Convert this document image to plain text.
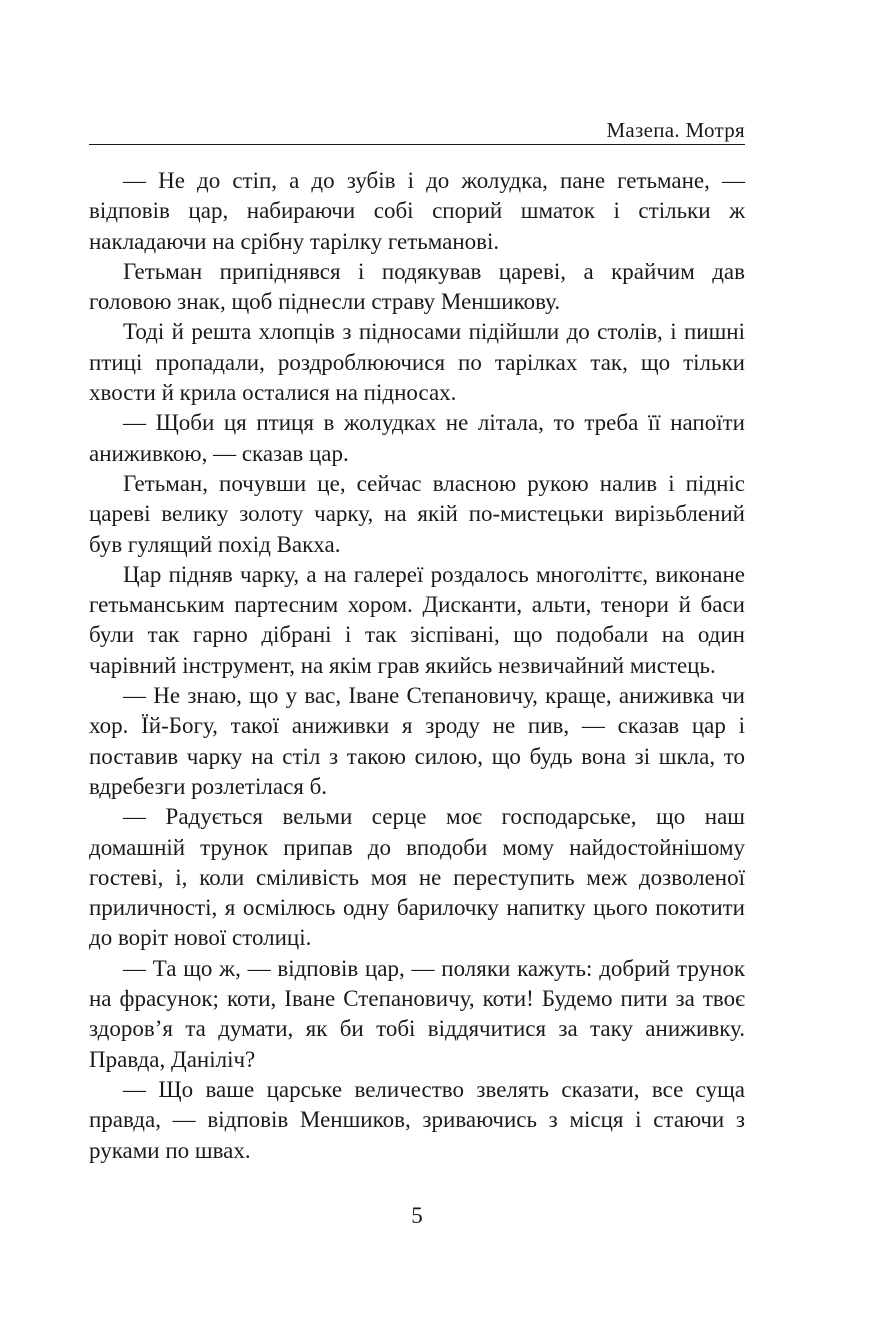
Мазепа. Мотря

— Не до стіп, а до зубів і до жолудка, пане гетьмане, — відповів цар, набираючи собі спорий шматок і стільки ж накладаючи на срібну тарілку гетьманові.

Гетьман припіднявся і подякував цареві, а крайчим дав головою знак, щоб піднесли страву Меншикову.

Тоді й решта хлопців з підносами підійшли до столів, і пишні птиці пропадали, роздроблюючися по тарілках так, що тільки хвости й крила осталися на підносах.

— Щоби ця птиця в жолудках не літала, то треба її напоїти аниживкою, — сказав цар.

Гетьман, почувши це, сейчас власною рукою налив і підніс цареві велику золоту чарку, на якій по-мистецьки вирізьблений був гулящий похід Вакха.

Цар підняв чарку, а на галереї роздалось многоліттє, виконане гетьманським партесним хором. Дисканти, альти, тенори й баси були так гарно дібрані і так зіспівані, що подобали на один чарівний інструмент, на якім грав якийсь незвичайний мистець.

— Не знаю, що у вас, Іване Степановичу, краще, аниживка чи хор. Їй-Богу, такої аниживки я зроду не пив, — сказав цар і поставив чарку на стіл з такою силою, що будь вона зі шкла, то вдребезги розлетілася б.

— Радується вельми серце моє господарське, що наш домашній трунок припав до вподоби мому найдостойнішому гостеві, і, коли сміливість моя не переступить меж дозволеної приличності, я осмілюсь одну барилочку напитку цього покотити до воріт нової столиці.

— Та що ж, — відповів цар, — поляки кажуть: добрий трунок на фрасунок; коти, Іване Степановичу, коти! Будемо пити за твоє здоров’я та думати, як би тобі віддячитися за таку аниживку. Правда, Даніліч?

— Що ваше царське величество звелять сказати, все суща правда, — відповів Меншиков, зриваючись з місця і стаючи з руками по швах.

5
